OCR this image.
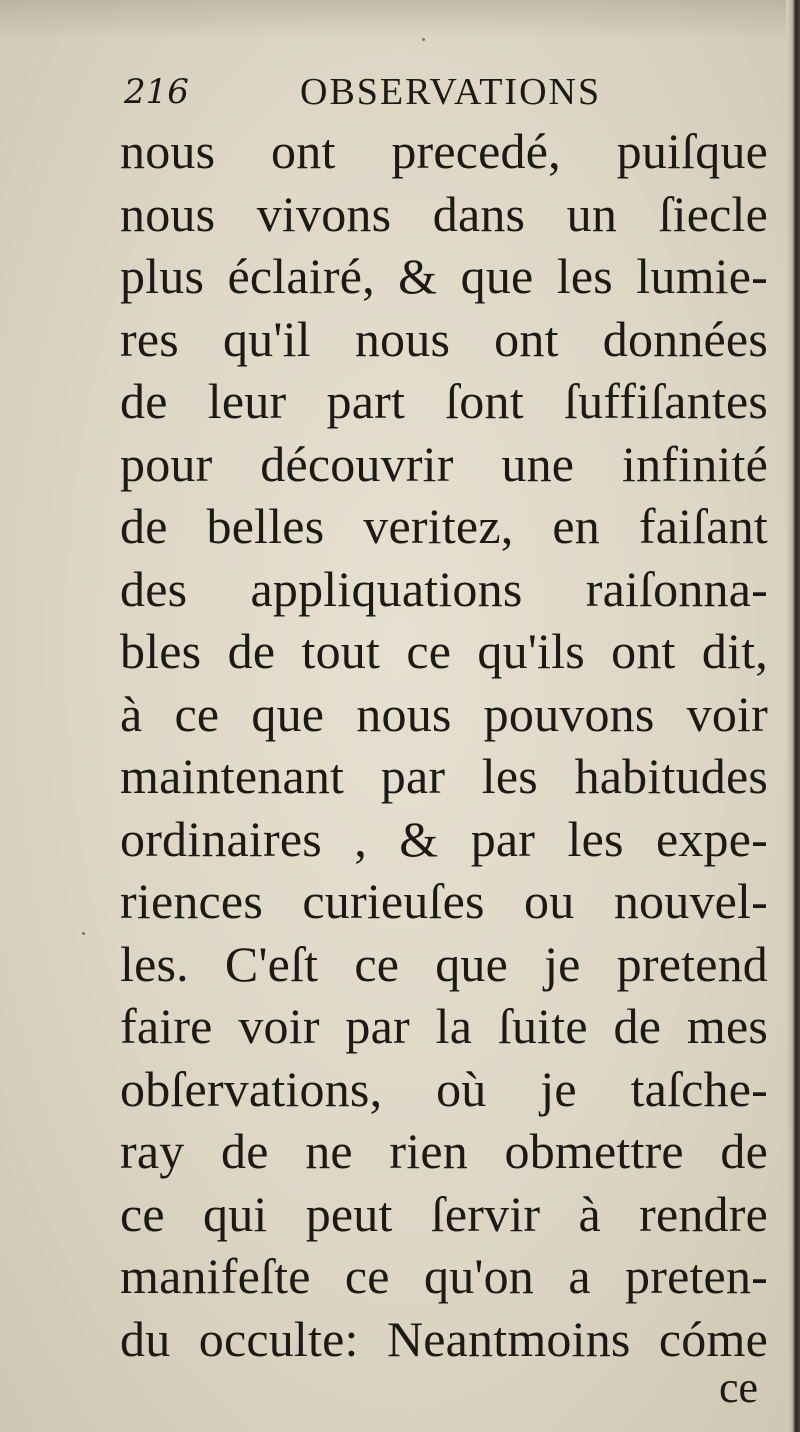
216	OBSERVATIONS
nous ont precedé, puiſque
nous vivons dans un ſiecle
plus éclairé, & que les lumie-
res qu'il nous ont données
de leur part ſont ſuffiſantes
pour découvrir une infinité
de belles veritez, en faiſant
des appliquations raiſonna-
bles de tout ce qu'ils ont dit,
à ce que nous pouvons voir
maintenant par les habitudes
ordinaires , & par les expe-
riences curieuſes ou nouvel-
les. C'eſt ce que je pretend
faire voir par la ſuite de mes
obſervations, où je taſche-
ray de ne rien obmettre de
ce qui peut ſervir à rendre
manifeſte ce qu'on a preten-
du occulte: Neantmoins cóme
ce
